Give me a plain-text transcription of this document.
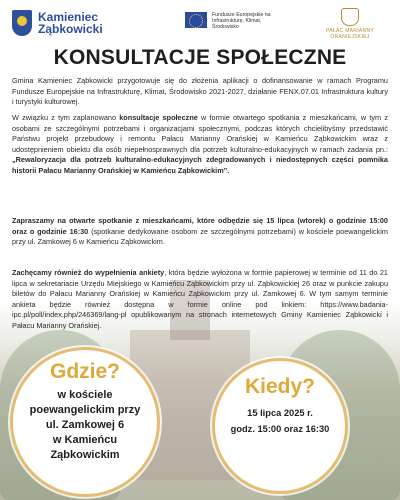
Kamieniec Ząbkowicki
Fundusze Europejskie na Infrastrukturę, Klimat, Środowisko
PAŁAC MARIANNY ORANIEJSKIEJ
KONSULTACJE SPOŁECZNE
Gmina Kamieniec Ząbkowicki przygotowuje się do złożenia aplikacji o dofinansowanie w ramach Programu Fundusze Europejskie na Infrastrukturę, Klimat, Środowisko 2021-2027, działanie FENX.07.01 Infrastruktura kultury i turystyki kulturowej.
W związku z tym zaplanowano konsultacje społeczne w formie otwartego spotkania z mieszkańcami, w tym z osobami ze szczególnymi potrzebami i organizacjami społecznymi, podczas których chcielibyśmy przedstawić Państwu projekt przebudowy i remontu Pałacu Marianny Orańskiej w Kamieńcu Ząbkowickim wraz z udostępnieniem obiektu dla osób niepełnosprawnych dla potrzeb kulturalno-edukacyjnych w ramach zadania pn.: „Rewaloryzacja dla potrzeb kulturalno-edukacyjnych zdegradowanych i niedostępnych części pomnika historii Pałacu Marianny Orańskiej w Kamieńcu Ząbkowickim”.
Zapraszamy na otwarte spotkanie z mieszkańcami, które odbędzie się 15 lipca (wtorek) o godzinie 15:00 oraz o godzinie 16:30 (spotkanie dedykowane osobom ze szczególnymi potrzebami) w kościele poewangelickim przy ul. Zamkowej 6 w Kamieńcu Ząbkowickim.
Zachęcamy również do wypełnienia ankiety, która będzie wyłożona w formie papierowej w terminie od 11 do 21 lipca w sekretariacie Urzędu Miejskiego w Kamieńcu Ząbkowickim przy ul. Ząbkowickiej 26 oraz w punkcie zakupu biletów do Pałacu Marianny Orańskiej w Kamieńcu Ząbkowickim przy ul. Zamkowej 6. W tym samym terminie ankieta będzie również dostępna w formie online pod linkiem: https://www.badania-ipc.pl/poll/index.php/246369/lang-pl opublikowanym na stronach internetowych Gminy Kamieniec Ząbkowicki i Pałacu Marianny Orańskiej.
Gdzie?
w kościele
poewangelickim przy
ul. Zamkowej 6
w Kamieńcu
Ząbkowickim
Kiedy?
15 lipca 2025 r.
godz. 15:00 oraz 16:30
